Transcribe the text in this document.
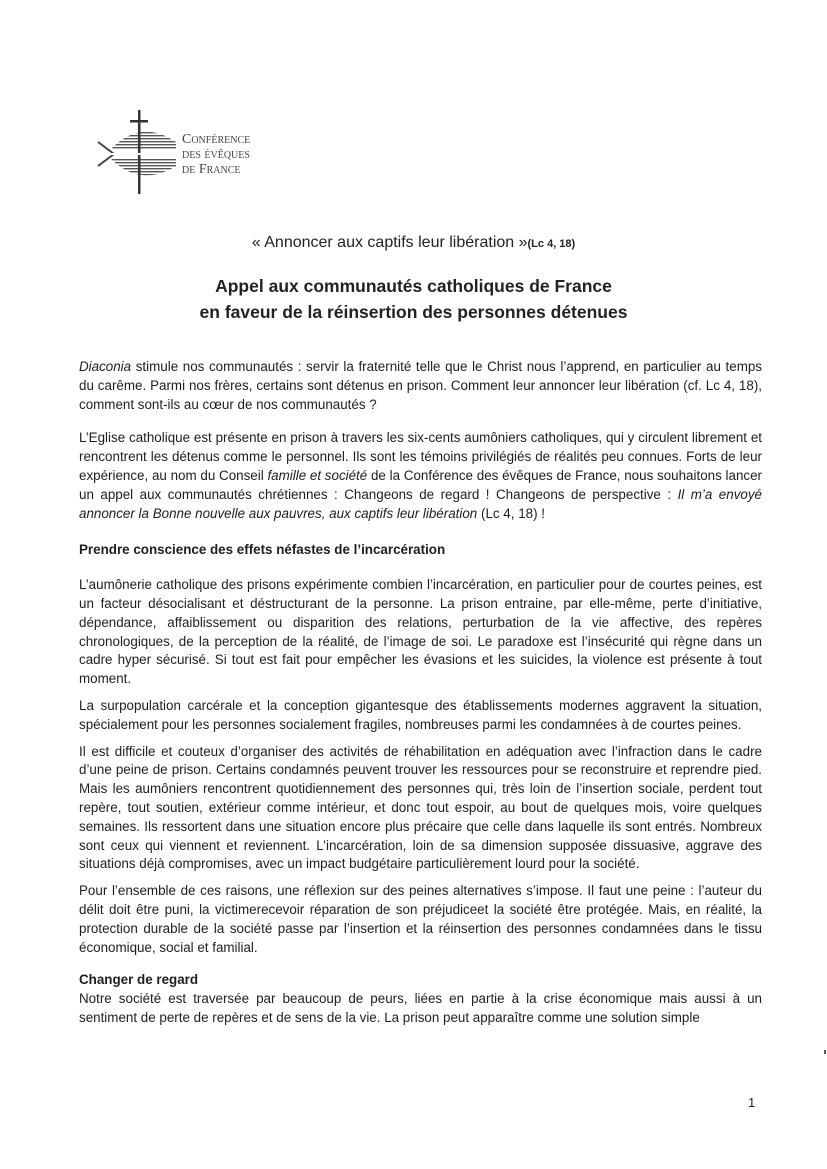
Conférence
des évêques
de France
« Annoncer aux captifs leur libération »(Lc 4, 18)
Appel aux communautés catholiques de France
en faveur de la réinsertion des personnes détenues

Diaconia stimule nos communautés : servir la fraternité telle que le Christ nous l’apprend, en particulier au temps du carême. Parmi nos frères, certains sont détenus en prison. Comment leur annoncer leur libération (cf. Lc 4, 18), comment sont-ils au cœur de nos communautés ?

L’Eglise catholique est présente en prison à travers les six-cents aumôniers catholiques, qui y circulent librement et rencontrent les détenus comme le personnel. Ils sont les témoins privilégiés de réalités peu connues. Forts de leur expérience, au nom du Conseil famille et société de la Conférence des évêques de France, nous souhaitons lancer un appel aux communautés chrétiennes : Changeons de regard ! Changeons de perspective : Il m’a envoyé annoncer la Bonne nouvelle aux pauvres, aux captifs leur libération (Lc 4, 18) !

Prendre conscience des effets néfastes de l’incarcération

L’aumônerie catholique des prisons expérimente combien l’incarcération, en particulier pour de courtes peines, est un facteur désocialisant et déstructurant de la personne. La prison entraine, par elle-même, perte d’initiative, dépendance, affaiblissement ou disparition des relations, perturbation de la vie affective, des repères chronologiques, de la perception de la réalité, de l’image de soi. Le paradoxe est l’insécurité qui règne dans un cadre hyper sécurisé. Si tout est fait pour empêcher les évasions et les suicides, la violence est présente à tout moment.

La surpopulation carcérale et la conception gigantesque des établissements modernes aggravent la situation, spécialement pour les personnes socialement fragiles, nombreuses parmi les condamnées à de courtes peines.

Il est difficile et couteux d’organiser des activités de réhabilitation en adéquation avec l’infraction dans le cadre d’une peine de prison. Certains condamnés peuvent trouver les ressources pour se reconstruire et reprendre pied. Mais les aumôniers rencontrent quotidiennement des personnes qui, très loin de l’insertion sociale, perdent tout repère, tout soutien, extérieur comme intérieur, et donc tout espoir, au bout de quelques mois, voire quelques semaines. Ils ressortent dans une situation encore plus précaire que celle dans laquelle ils sont entrés. Nombreux sont ceux qui viennent et reviennent. L’incarcération, loin de sa dimension supposée dissuasive, aggrave des situations déjà compromises, avec un impact budgétaire particulièrement lourd pour la société.

Pour l’ensemble de ces raisons, une réflexion sur des peines alternatives s’impose. Il faut une peine : l’auteur du délit doit être puni, la victimerecevoir réparation de son préjudiceet la société être protégée. Mais, en réalité, la protection durable de la société passe par l’insertion et la réinsertion des personnes condamnées dans le tissu économique, social et familial.

Changer de regard

Notre société est traversée par beaucoup de peurs, liées en partie à la crise économique mais aussi à un sentiment de perte de repères et de sens de la vie. La prison peut apparaître comme une solution simple

1
